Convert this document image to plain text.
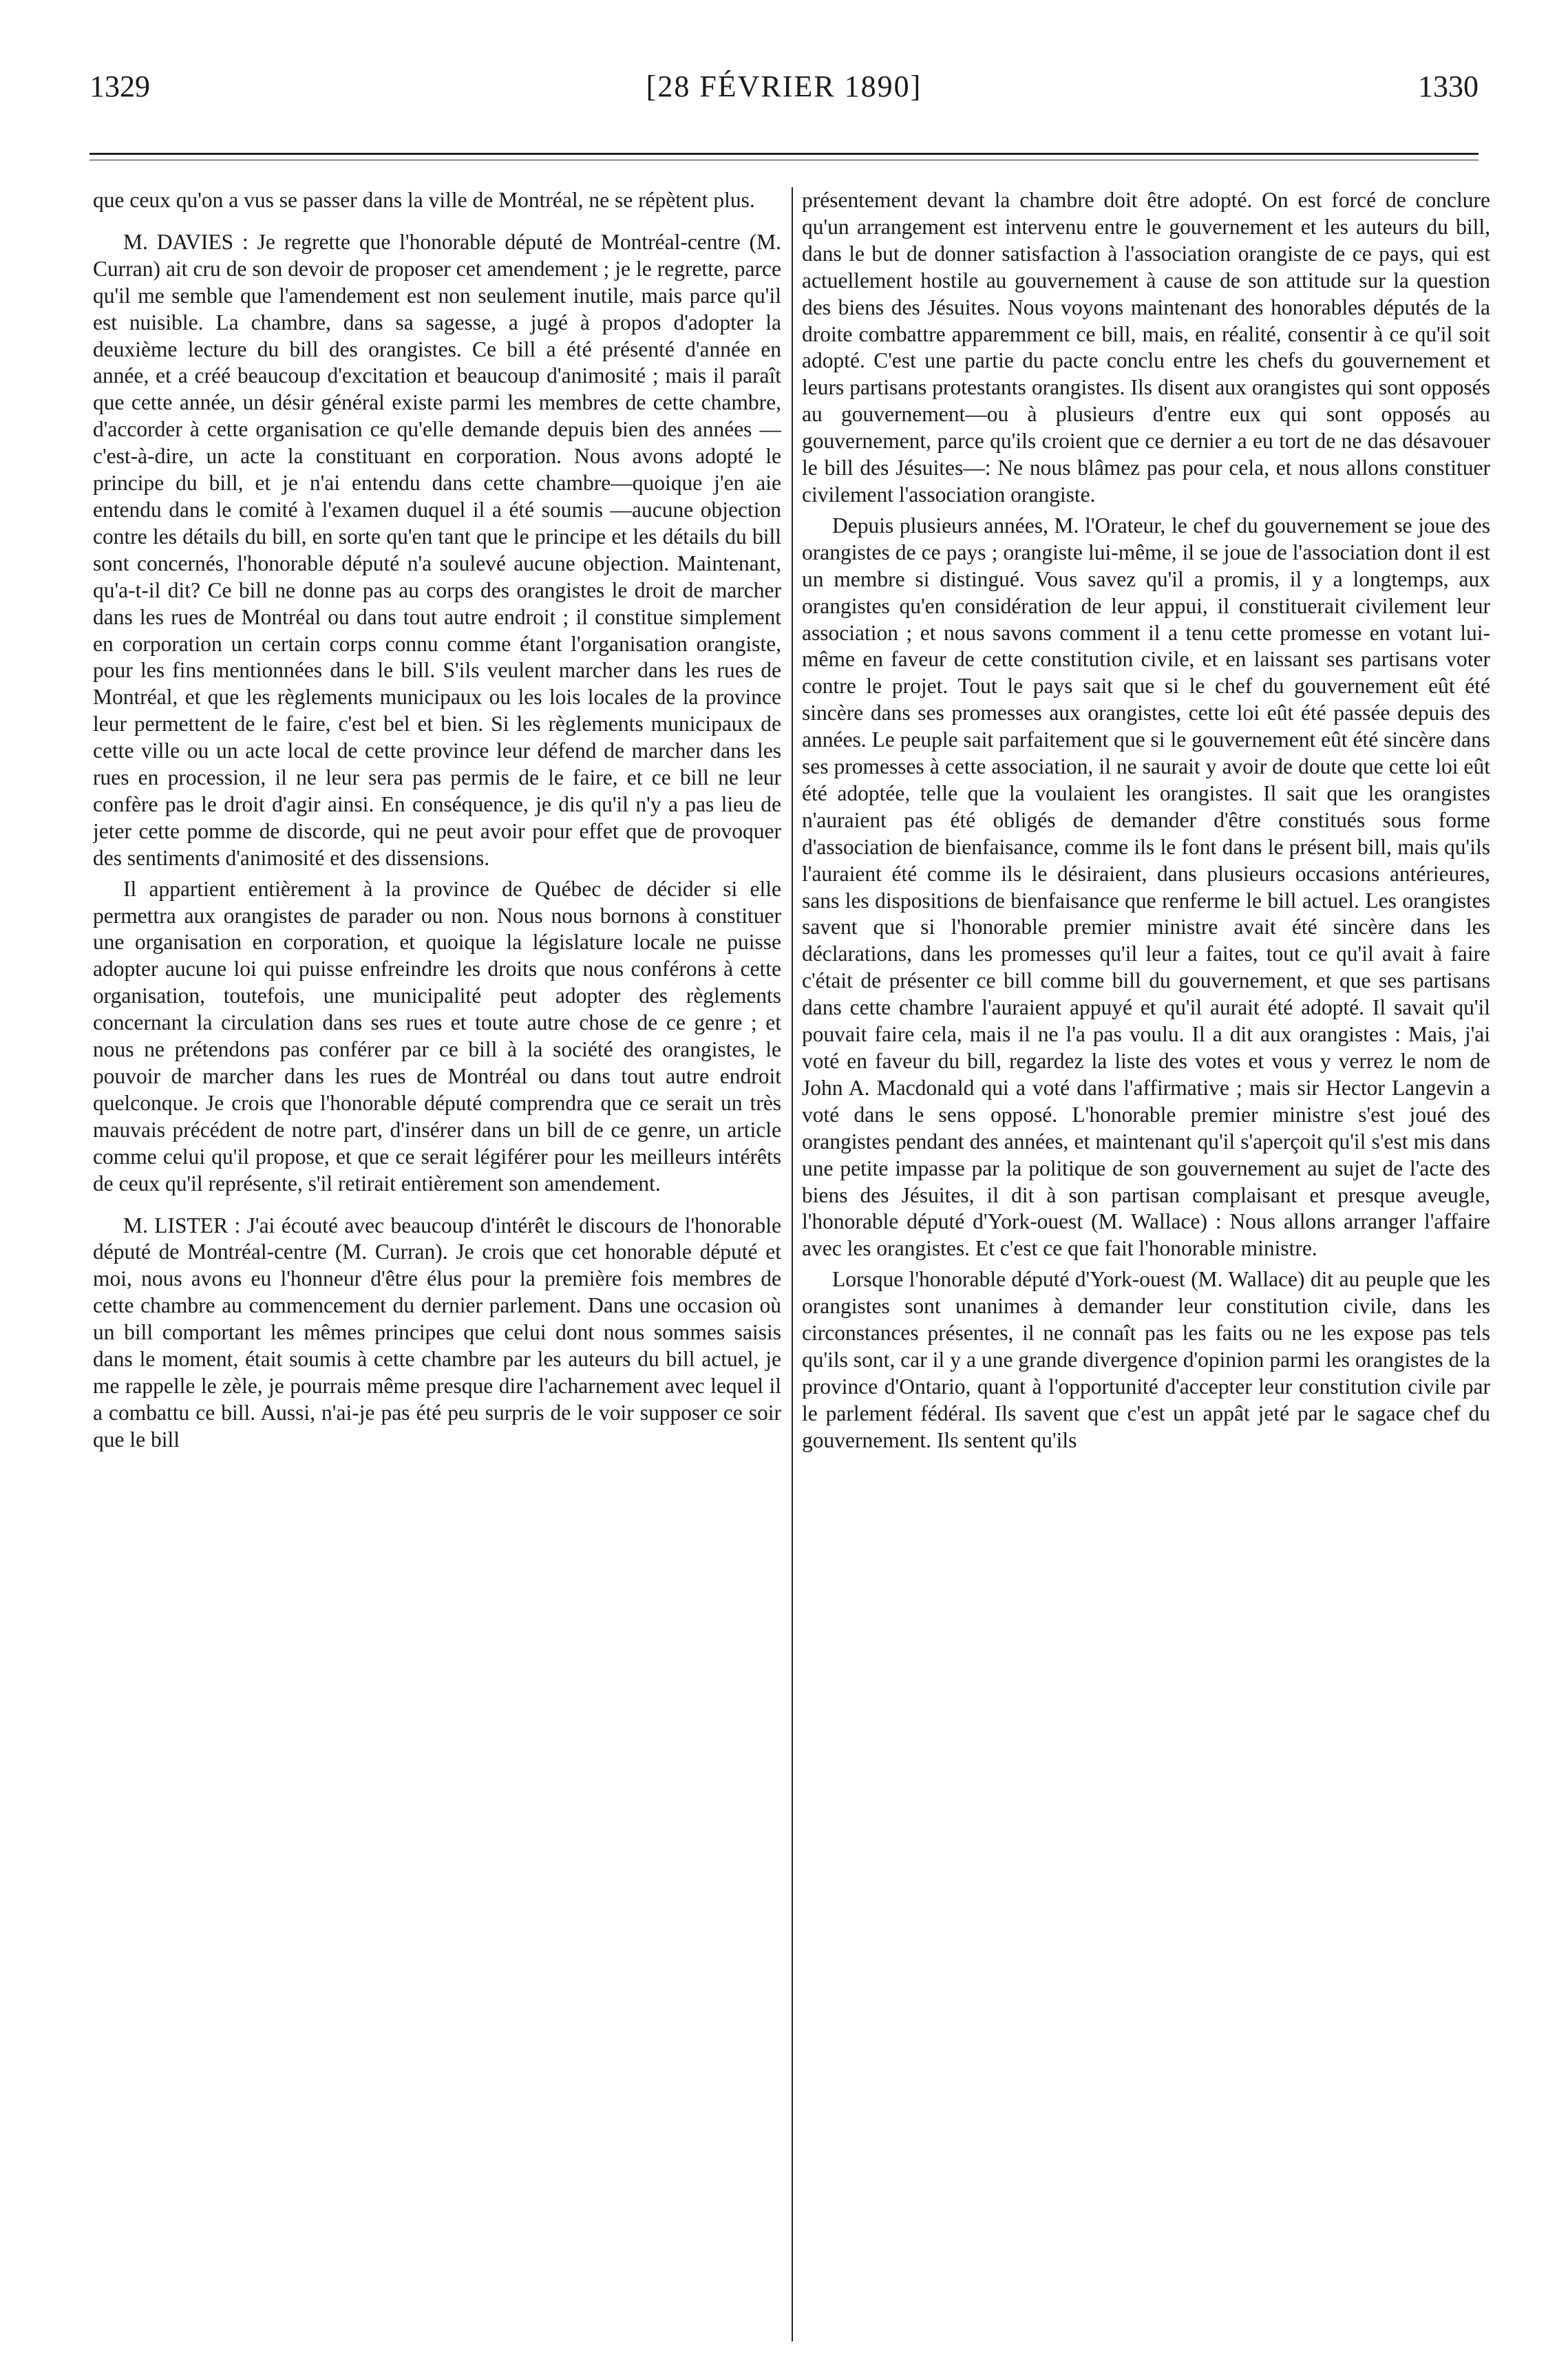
1329	[28 FÉVRIER 1890]	1330

que ceux qu'on a vus se passer dans la ville de Montréal, ne se répètent plus.

M. DAVIES : Je regrette que l'honorable député de Montréal-centre (M. Curran) ait cru de son devoir de proposer cet amendement ; je le regrette, parce qu'il me semble que l'amendement est non seulement inutile, mais parce qu'il est nuisible. La chambre, dans sa sagesse, a jugé à propos d'adopter la deuxième lecture du bill des orangistes. Ce bill a été présenté d'année en année, et a créé beaucoup d'excitation et beaucoup d'animosité ; mais il paraît que cette année, un désir général existe parmi les membres de cette chambre, d'accorder à cette organisation ce qu'elle demande depuis bien des années —c'est-à-dire, un acte la constituant en corporation. Nous avons adopté le principe du bill, et je n'ai entendu dans cette chambre—quoique j'en aie entendu dans le comité à l'examen duquel il a été soumis —aucune objection contre les détails du bill, en sorte qu'en tant que le principe et les détails du bill sont concernés, l'honorable député n'a soulevé aucune objection. Maintenant, qu'a-t-il dit? Ce bill ne donne pas au corps des orangistes le droit de marcher dans les rues de Montréal ou dans tout autre endroit ; il constitue simplement en corporation un certain corps connu comme étant l'organisation orangiste, pour les fins mentionnées dans le bill. S'ils veulent marcher dans les rues de Montréal, et que les règlements municipaux ou les lois locales de la province leur permettent de le faire, c'est bel et bien. Si les règlements municipaux de cette ville ou un acte local de cette province leur défend de marcher dans les rues en procession, il ne leur sera pas permis de le faire, et ce bill ne leur confère pas le droit d'agir ainsi. En conséquence, je dis qu'il n'y a pas lieu de jeter cette pomme de discorde, qui ne peut avoir pour effet que de provoquer des sentiments d'animosité et des dissensions.

Il appartient entièrement à la province de Québec de décider si elle permettra aux orangistes de parader ou non. Nous nous bornons à constituer une organisation en corporation, et quoique la législature locale ne puisse adopter aucune loi qui puisse enfreindre les droits que nous conférons à cette organisation, toutefois, une municipalité peut adopter des règlements concernant la circulation dans ses rues et toute autre chose de ce genre ; et nous ne prétendons pas conférer par ce bill à la société des orangistes, le pouvoir de marcher dans les rues de Montréal ou dans tout autre endroit quelconque. Je crois que l'honorable député comprendra que ce serait un très mauvais précédent de notre part, d'insérer dans un bill de ce genre, un article comme celui qu'il propose, et que ce serait légiférer pour les meilleurs intérêts de ceux qu'il représente, s'il retirait entièrement son amendement.

M. LISTER : J'ai écouté avec beaucoup d'intérêt le discours de l'honorable député de Montréal-centre (M. Curran). Je crois que cet honorable député et moi, nous avons eu l'honneur d'être élus pour la première fois membres de cette chambre au commencement du dernier parlement. Dans une occasion où un bill comportant les mêmes principes que celui dont nous sommes saisis dans le moment, était soumis à cette chambre par les auteurs du bill actuel, je me rappelle le zèle, je pourrais même presque dire l'acharnement avec lequel il a combattu ce bill. Aussi, n'ai-je pas été peu surpris de le voir supposer ce soir que le bill

présentement devant la chambre doit être adopté. On est forcé de conclure qu'un arrangement est intervenu entre le gouvernement et les auteurs du bill, dans le but de donner satisfaction à l'association orangiste de ce pays, qui est actuellement hostile au gouvernement à cause de son attitude sur la question des biens des Jésuites. Nous voyons maintenant des honorables députés de la droite combattre apparemment ce bill, mais, en réalité, consentir à ce qu'il soit adopté. C'est une partie du pacte conclu entre les chefs du gouvernement et leurs partisans protestants orangistes. Ils disent aux orangistes qui sont opposés au gouvernement—ou à plusieurs d'entre eux qui sont opposés au gouvernement, parce qu'ils croient que ce dernier a eu tort de ne das désavouer le bill des Jésuites—: Ne nous blâmez pas pour cela, et nous allons constituer civilement l'association orangiste.

Depuis plusieurs années, M. l'Orateur, le chef du gouvernement se joue des orangistes de ce pays ; orangiste lui-même, il se joue de l'association dont il est un membre si distingué. Vous savez qu'il a promis, il y a longtemps, aux orangistes qu'en considération de leur appui, il constituerait civilement leur association ; et nous savons comment il a tenu cette promesse en votant lui-même en faveur de cette constitution civile, et en laissant ses partisans voter contre le projet. Tout le pays sait que si le chef du gouvernement eût été sincère dans ses promesses aux orangistes, cette loi eût été passée depuis des années. Le peuple sait parfaitement que si le gouvernement eût été sincère dans ses promesses à cette association, il ne saurait y avoir de doute que cette loi eût été adoptée, telle que la voulaient les orangistes. Il sait que les orangistes n'auraient pas été obligés de demander d'être constitués sous forme d'association de bienfaisance, comme ils le font dans le présent bill, mais qu'ils l'auraient été comme ils le désiraient, dans plusieurs occasions antérieures, sans les dispositions de bienfaisance que renferme le bill actuel. Les orangistes savent que si l'honorable premier ministre avait été sincère dans les déclarations, dans les promesses qu'il leur a faites, tout ce qu'il avait à faire c'était de présenter ce bill comme bill du gouvernement, et que ses partisans dans cette chambre l'auraient appuyé et qu'il aurait été adopté. Il savait qu'il pouvait faire cela, mais il ne l'a pas voulu. Il a dit aux orangistes : Mais, j'ai voté en faveur du bill, regardez la liste des votes et vous y verrez le nom de John A. Macdonald qui a voté dans l'affirmative ; mais sir Hector Langevin a voté dans le sens opposé. L'honorable premier ministre s'est joué des orangistes pendant des années, et maintenant qu'il s'aperçoit qu'il s'est mis dans une petite impasse par la politique de son gouvernement au sujet de l'acte des biens des Jésuites, il dit à son partisan complaisant et presque aveugle, l'honorable député d'York-ouest (M. Wallace) : Nous allons arranger l'affaire avec les orangistes. Et c'est ce que fait l'honorable ministre.

Lorsque l'honorable député d'York-ouest (M. Wallace) dit au peuple que les orangistes sont unanimes à demander leur constitution civile, dans les circonstances présentes, il ne connaît pas les faits ou ne les expose pas tels qu'ils sont, car il y a une grande divergence d'opinion parmi les orangistes de la province d'Ontario, quant à l'opportunité d'accepter leur constitution civile par le parlement fédéral. Ils savent que c'est un appât jeté par le sagace chef du gouvernement. Ils sentent qu'ils
